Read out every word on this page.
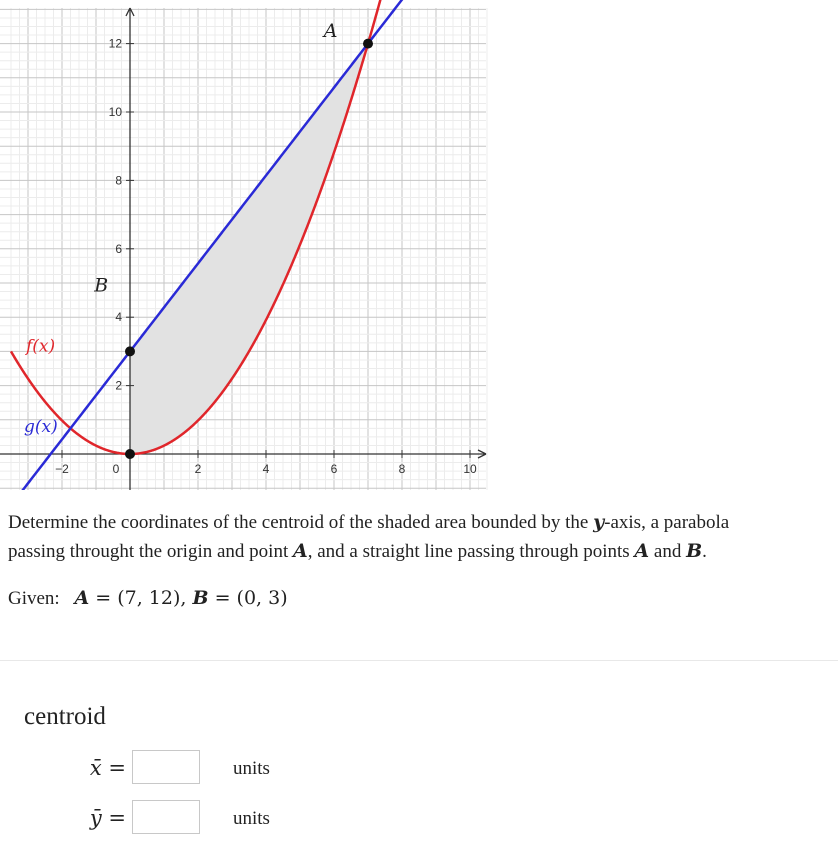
−2	0	2	4	6	8	10
2
4
6
8
10
12
A
B
f(x)
g(x)
Determine the coordinates of the centroid of the shaded area bounded by the y-axis, a parabola
passing throught the origin and point A, and a straight line passing through points A and B.
Given: A = (7, 12), B = (0, 3)
centroid
x̄ =	units
ȳ =	units
